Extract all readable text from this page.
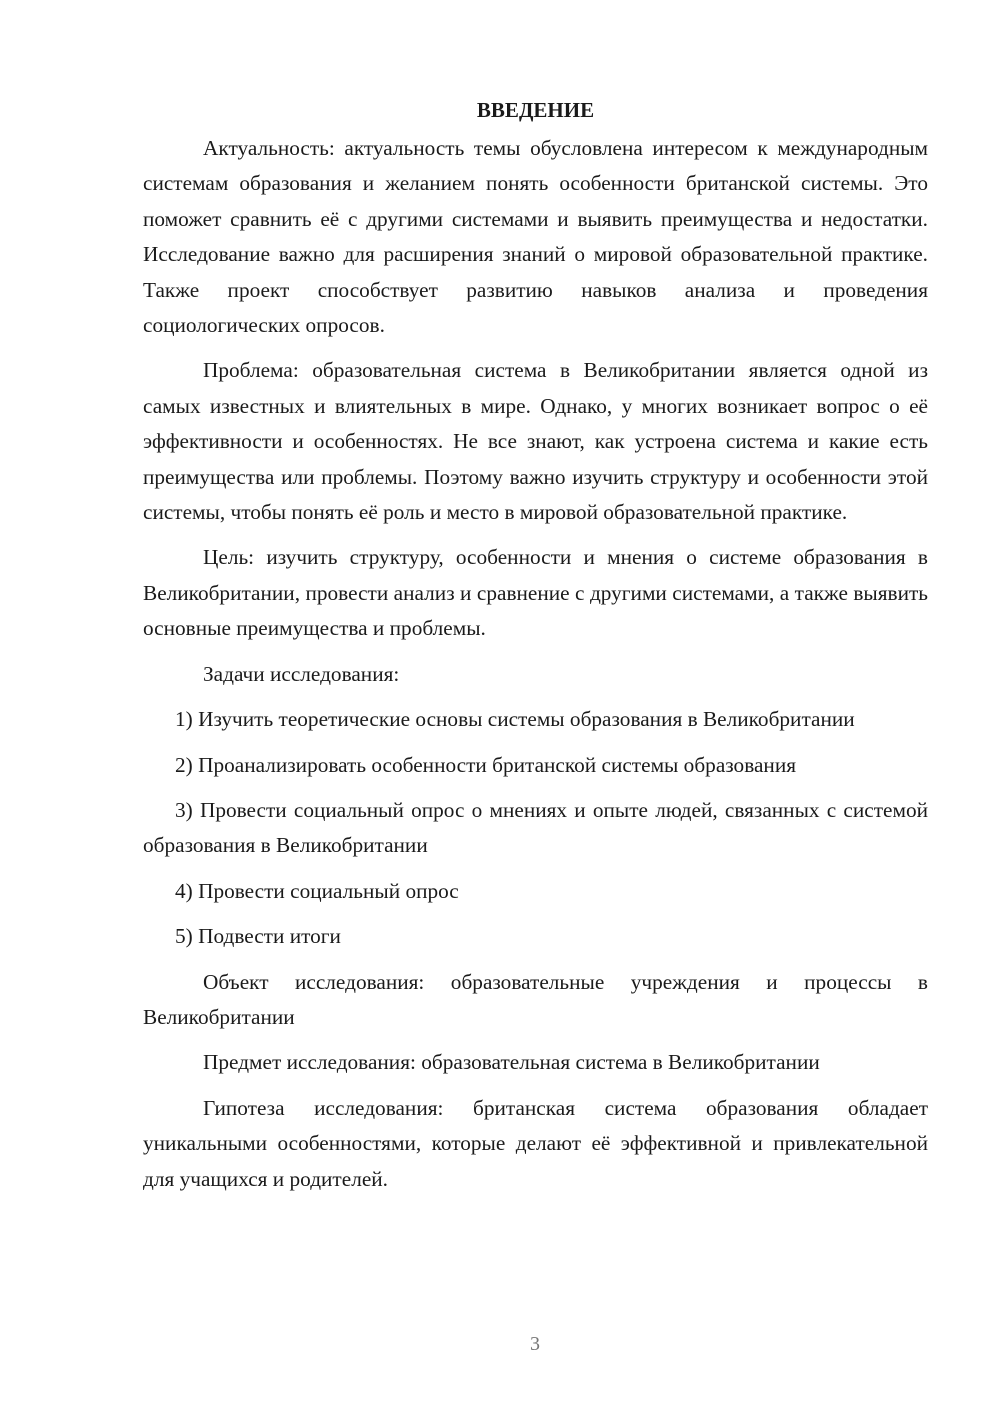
ВВЕДЕНИЕ

Актуальность: актуальность темы обусловлена интересом к международным системам образования и желанием понять особенности британской системы. Это поможет сравнить её с другими системами и выявить преимущества и недостатки. Исследование важно для расширения знаний о мировой образовательной практике. Также проект способствует развитию навыков анализа и проведения социологических опросов.

Проблема: образовательная система в Великобритании является одной из самых известных и влиятельных в мире. Однако, у многих возникает вопрос о её эффективности и особенностях. Не все знают, как устроена система и какие есть преимущества или проблемы. Поэтому важно изучить структуру и особенности этой системы, чтобы понять её роль и место в мировой образовательной практике.

Цель: изучить структуру, особенности и мнения о системе образования в Великобритании, провести анализ и сравнение с другими системами, а также выявить основные преимущества и проблемы.

Задачи исследования:

1) Изучить теоретические основы системы образования в Великобритании

2) Проанализировать особенности британской системы образования

3) Провести социальный опрос о мнениях и опыте людей, связанных с системой образования в Великобритании

4) Провести социальный опрос

5) Подвести итоги

Объект исследования: образовательные учреждения и процессы в Великобритании

Предмет исследования: образовательная система в Великобритании

Гипотеза исследования: британская система образования обладает уникальными особенностями, которые делают её эффективной и привлекательной для учащихся и родителей.

3
